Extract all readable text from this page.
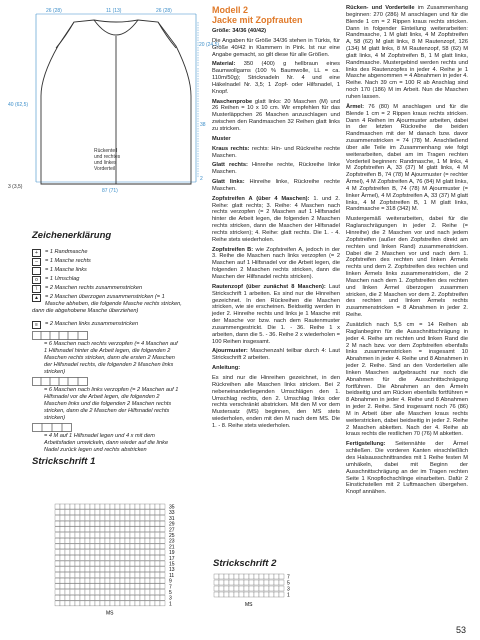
26 (28)	11 (13)	26 (28)
20 (24,5)
38
2
40 (62,5)
87 (71)
3 (3,5)
Rückenteil
und rechtes
und linkes
Vorderteil
Zeichenerklärung
+ = 1 Randmasche
– = 1 Masche rechts
= 1 Masche links
o = 1 Umschlag
\ = 2 Maschen rechts zusammenstricken
▲	= 2 Maschen überzogen zusammenstricken (= 1 Masche abheben, die folgende Masche rechts stricken, dann die abgehobene Masche überziehen)
≡ = 2 Maschen links zusammenstricken
= 6 Maschen nach rechts verzopfen (= 4 Maschen auf 1 Hilfsnadel hinter die Arbeit legen, die folgenden 2 Maschen rechts stricken, dann die ersten 2 Maschen der Hilfsnadel rechts, die folgenden 2 Maschen links stricken)
= 6 Maschen nach links verzopfen (= 2 Maschen auf 1 Hilfsnadel vor die Arbeit legen, die folgenden 2 Maschen links und die folgenden 2 Maschen rechts stricken, dann die 2 Maschen der Hilfsnadel rechts stricken)
= 4 M auf 1 Hilfsnadel legen und 4 x mit dem Arbeitsfaden umwickeln, dann wieder auf die linke Nadel zurück legen und rechts abstricken
Strickschrift 1
35
33
31
29
27
25
23
21
19
17
15
13
11
9
7
5
3
1
MS
Strickschrift 2
7
5
3
1
MS
Modell 2
Jacke mit Zopfrauten

Größe: 34/36 (40/42)

Die Angaben für Größe 34/36 stehen in Türkis, für Größe 40/42 in Klammern in Pink. Ist nur eine Angabe gemacht, so gilt diese für alle Größen.

Material: 350 (400) g hellbraun eines Baumwollgarns (100 % Baumwolle, LL = ca. 110m/50g); Stricknadeln Nr. 4 und eine Häkelnadel Nr. 3,5; 1 Zopf- oder Hilfsnadel, 1 Knopf.

Maschenprobe glatt links: 20 Maschen (M) und 26 Reihen = 10 x 10 cm. Wir empfehlen für das Musterläppchen 26 Maschen anzuschlagen und zwischen den Randmaschen 32 Reihen glatt links zu stricken.

Muster

Kraus rechts: rechts: Hin- und Rückreihe rechte Maschen.

Glatt rechts: Hinreihe rechte, Rückreihe linke Maschen.

Glatt links: Hinreihe linke, Rückreihe rechte Maschen.

Zopfstreifen A (über 4 Maschen): 1. und 2. Reihe: glatt rechts; 3. Reihe: 4 Maschen nach rechts verzopfen (= 2 Maschen auf 1 Hilfsnadel hinter die Arbeit legen, die folgenden 2 Maschen rechts stricken, dann die Maschen der Hilfsnadel rechts stricken); 4. Reihe: glatt rechts. Die 1. - 4. Reihe stets wiederholen.

Zopfstreifen B: wie Zopfstreifen A, jedoch in der 3. Reihe die Maschen nach links verzopfen (= 2 Maschen auf 1 Hilfsnadel vor die Arbeit legen, die folgenden 2 Maschen rechts stricken, dann die Maschen der Hilfsnadel rechts stricken).

Rautenzopf (über zunächst 8 Maschen): Laut Strickschrift 1 arbeiten. Es sind nur die Hinreihen gezeichnet. In den Rückreihen die Maschen stricken, wie sie erscheinen. Beidseitig werden in jeder 2. Hinreihe rechts und links je 1 Masche mit der Masche vor bzw. nach dem Rautenmuster zusammengestrickt. Die 1. - 36. Reihe 1 x arbeiten, dann die 5. - 36. Reihe 2 x wiederholen = 100 Reihen insgesamt.

Ajourmuster: Maschenzahl teilbar durch 4: Laut Strickschrift 2 arbeiten.

Anleitung:

Es sind nur die Hinreihen gezeichnet, in den Rückreihen alle Maschen links stricken. Bei 2 nebeneinanderliegenden Umschlägen den 1. Umschlag rechts, den 2. Umschlag links oder rechts verschränkt abstricken. Mit den M vor dem Mustersatz (MS) beginnen, den MS stets wiederholen, enden mit den M nach dem MS. Die 1. - 8. Reihe stets wiederholen.

Rücken- und Vorderteile im Zusammenhang beginnen: 270 (286) M anschlagen und für die Blende 1 cm = 2 Rippen kraus rechts stricken. Dann in folgender Einteilung weiterarbeiten: Randmasche, 1 M glatt links, 4 M Zopfstreifen A, 58 (62) M glatt links, 8 M Rautenzopf, 126 (134) M glatt links, 8 M Rautenzopf, 58 (62) M glatt links, 4 M Zopfstreifen B, 1 M glatt links, Randmasche. Mustergebind werden rechts und links des Rautenzopfes in jeder 4. Reihe je 1 Masche abgenommen = 4 Abnahmen in jeder 4. Reihe. Nach 39 cm = 100 R ab Anschlag sind noch 170 (186) M im Arbeit. Nun die Maschen ruhen lassen.

Ärmel: 76 (80) M anschlagen und für die Blende 1 cm = 2 Rippen kraus rechts stricken. Dann 4 Reihen im Ajourmuster arbeiten, dabei in der letzten Rückreihe die beiden Randmaschen mit der M danach bzw. davor zusammenstricken = 74 (78) M. Anschließend über alle Teile im Zusammenhang wie folgt weiterarbeiten, dabei am im Tragen rechten Vorderteil beginnen: Randmasche, 1 M links, 4 M Zopfstreifen A, 33 (37) M glatt links, 4 M Zopfstreifen B, 74 (78) M Ajourmuster (= rechter Ärmel), 4 M Zopfstreifen A, 76 (84) M glatt links, 4 M Zopfstreifen B, 74 (78) M Ajourmuster (= linker Ärmel), 4 M Zopfstreifen A, 33 (37) M glatt links, 4 M Zopfstreifen B, 1 M glatt links, Randmasche = 318 (342) M.

Mustergemäß weiterarbeiten, dabei für die Raglanschrägungen in jeder 2. Reihe (= Hinreihe) die 2 Maschen vor und nach jedem Zopfstreifen (außer den Zopfstreifen direkt am rechten und linken Rand) zusammenstricken. Dabei die 2 Maschen vor und nach dem 1. Zopfstreifen des rechten und linken Ärmels rechts und dem 2. Zopfstreifen des rechten und linken Ärmels links zusammenstricken, die 2 Maschen nach dem 1. Zopfstreifen des rechten und linken Ärmel überzogen zusammen stricken, die 2 Maschen vor dem 2. Zopfstreifen des rechten und linken Ärmels rechts zusammenstricken = 8 Abnahmen in jeder 2. Reihe.

Zusätzlich nach 5,5 cm = 14 Reihen ab Raglanbeginn für die Ausschnittschrägung in jeder 4. Reihe am rechten und linken Rand die 2 M nach bzw. vor dem Zopfstreifen ebenfalls links zusammenstricken = insgesamt 10 Abnahmen in jeder 4. Reihe und 8 Abnahmen in jeder 2. Reihe. Sind an den Vorderteilen alle linken Maschen aufgebraucht nur noch die Abnahmen für die Ausschnittschrägung fortführen. Die Abnahmen an den Ärmeln beidseitig und am Rücken ebenfalls fortführen = 8 Abnahmen in jeder 4. Reihe und 8 Abnahmen in jeder 2. Reihe. Sind insgesamt noch 76 (86) M in Arbeit über alle Maschen kraus rechts weiterstricken, dabei beidseitig in jeder 2. Reihe 2 Maschen abketten. Nach der 4. Reihe ab kraus rechts die restlichen 70 (76) M abketten.

Fertigstellung: Seitennähte der Ärmel schließen. Die vorderen Kanten einschließlich des Halsausschnittrandes mit 1 Reihe festen M umhäkeln, dabei mit Beginn der Ausschnittschrägung an der im Tragen rechten Seite 1 Knopflochschlinge einarbeiten. Dafür 2 Einstichstellen mit 2 Luftmaschen übergehen. Knopf annähen.

53
